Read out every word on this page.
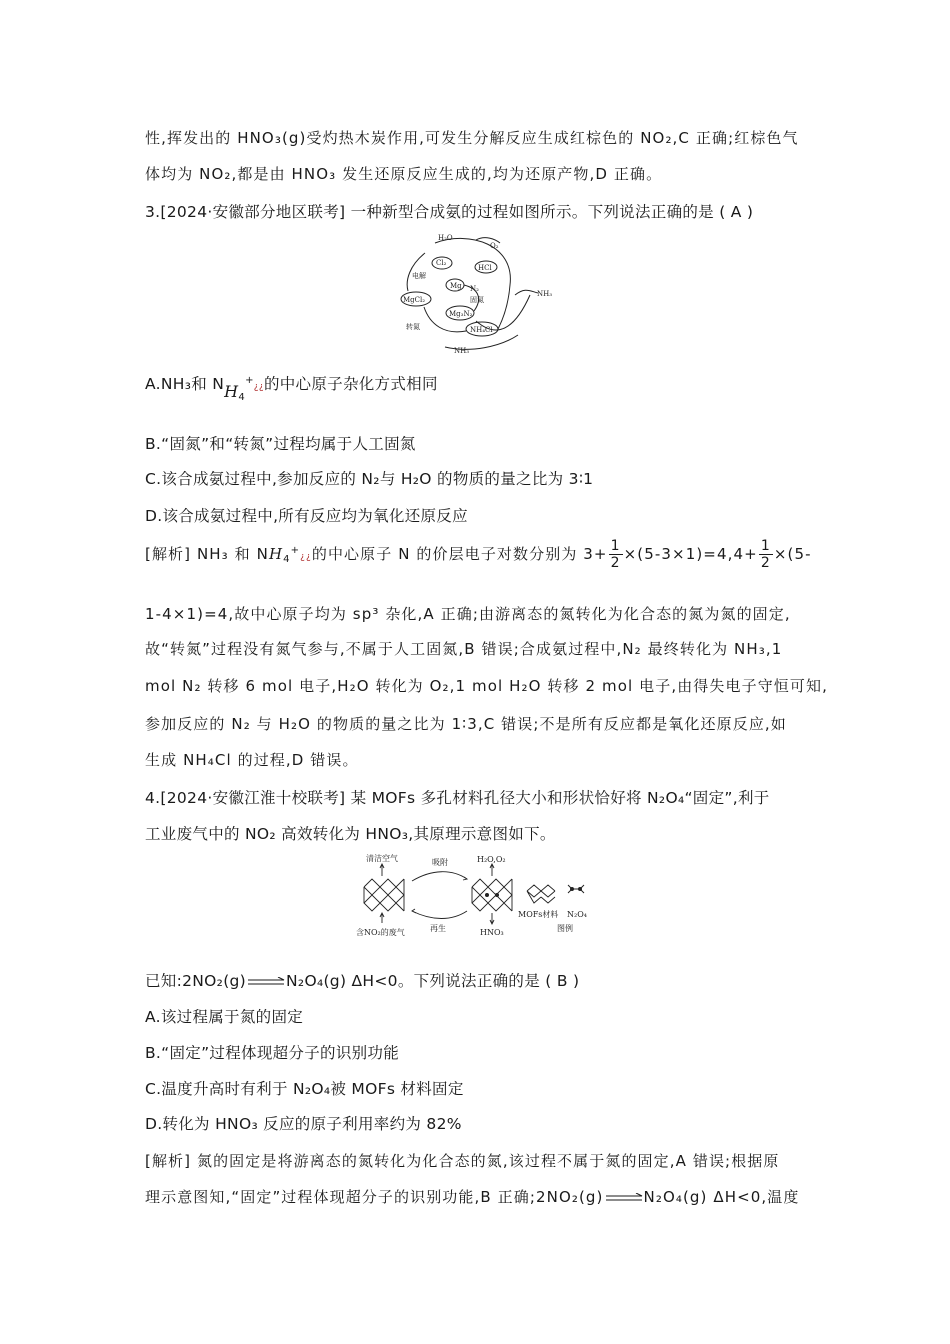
性,挥发出的 HNO₃(g)受灼热木炭作用,可发生分解反应生成红棕色的 NO₂,C 正确;红棕色气
体均为 NO₂,都是由 HNO₃ 发生还原反应生成的,均为还原产物,D 正确。
3.[2024·安徽部分地区联考] 一种新型合成氨的过程如图所示。下列说法正确的是 ( A )
H₂O
O₂
Cl₂
HCl
电解
Mg N₂
固氮
MgCl₂
Mg₃N₂
NH₃
转氮	NH₄Cl
NH₃
A.NH₃和 $NH_4^+¿¿$的中心原子杂化方式相同
B.“固氮”和“转氮”过程均属于人工固氮
C.该合成氨过程中,参加反应的 N₂与 H₂O 的物质的量之比为 3∶1
D.该合成氨过程中,所有反应均为氧化还原反应
[解析] NH₃ 和 $NH_4^+¿¿$的中心原子 N 的价层电子对数分别为 $3+ \frac{1}{2} \times(5-3\times 1)=4,4+ \frac{1}{2} \times(5-$
1-4×1)=4,故中心原子均为 sp³ 杂化,A 正确;由游离态的氮转化为化合态的氮为氮的固定,
故“转氮”过程没有氮气参与,不属于人工固氮,B 错误;合成氨过程中,N₂ 最终转化为 NH₃,1
mol N₂ 转移 6 mol 电子,H₂O 转化为 O₂,1 mol H₂O 转移 2 mol 电子,由得失电子守恒可知,
参加反应的 N₂ 与 H₂O 的物质的量之比为 1∶3,C 错误;不是所有反应都是氧化还原反应,如
生成 NH₄Cl 的过程,D 错误。
4.[2024·安徽江淮十校联考] 某 MOFs 多孔材料孔径大小和形状恰好将 N₂O₄“固定”,利于
工业废气中的 NO₂ 高效转化为 HNO₃,其原理示意图如下。
清洁空气	吸附	H₂O,O₂
含NO₂的废气	再生	HNO₃
MOFs材料 N₂O₄
图例
已知:2NO₂(g)	N₂O₄(g) ΔH<0。下列说法正确的是 ( B )
A.该过程属于氮的固定
B.“固定”过程体现超分子的识别功能
C.温度升高时有利于 N₂O₄被 MOFs 材料固定
D.转化为 HNO₃ 反应的原子利用率约为 82%
[解析] 氮的固定是将游离态的氮转化为化合态的氮,该过程不属于氮的固定,A 错误;根据原
理示意图知,“固定”过程体现超分子的识别功能,B 正确;2NO₂(g)	N₂O₄(g) ΔH<0,温度
